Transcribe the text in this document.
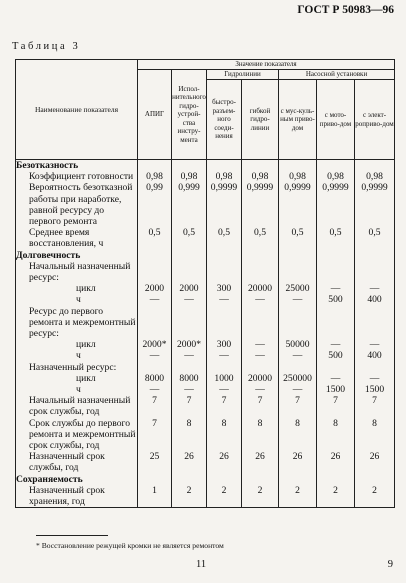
ГОСТ Р 50983—96
Таблица 3
Наименование показателя	Значение показателя						
	АПИГ	Испол-нительного гидро-устрой-ства инстру-мента	Гидролинии		Насосной установки		
			быстро-разъем-ного соеди-нения	гибкой гидро-линии	с мус-куль-ным приво-дом	с мото-приво-дом	с элект-роприво-дом
Безотказность							
Коэффициент готовности	0,98	0,98	0,98	0,98	0,98	0,98	0,98
Вероятность безотказной работы при наработке, равной ресурсу до первого ремонта	0,99	0,999	0,9999	0,9999	0,9999	0,9999	0,9999
Среднее время восстановления, ч	0,5	0,5	0,5	0,5	0,5	0,5	0,5
Долговечность							
Начальный назначенный ресурс:							
цикл	2000	2000	300	20000	25000	—	—
ч	—	—	—	—	—	500	400
Ресурс до первого ремонта и межремонтный ресурс:							
цикл	2000*	2000*	300	—	50000	—	—
ч	—	—	—	—	—	500	400
Назначенный ресурс:							
цикл	8000	8000	1000	20000	250000	—	—
ч	—	—	—	—	—	1500	1500
Начальный назначенный срок службы, год	7	7	7	7	7	7	7
Срок службы до первого ремонта и межремонтный срок службы, год	7	8	8	8	8	8	8
Назначенный срок службы, год	25	26	26	26	26	26	26
Сохраняемость							
Назначенный срок хранения, год	1	2	2	2	2	2	2
* Восстановление режущей кромки не является ремонтом
11	9
